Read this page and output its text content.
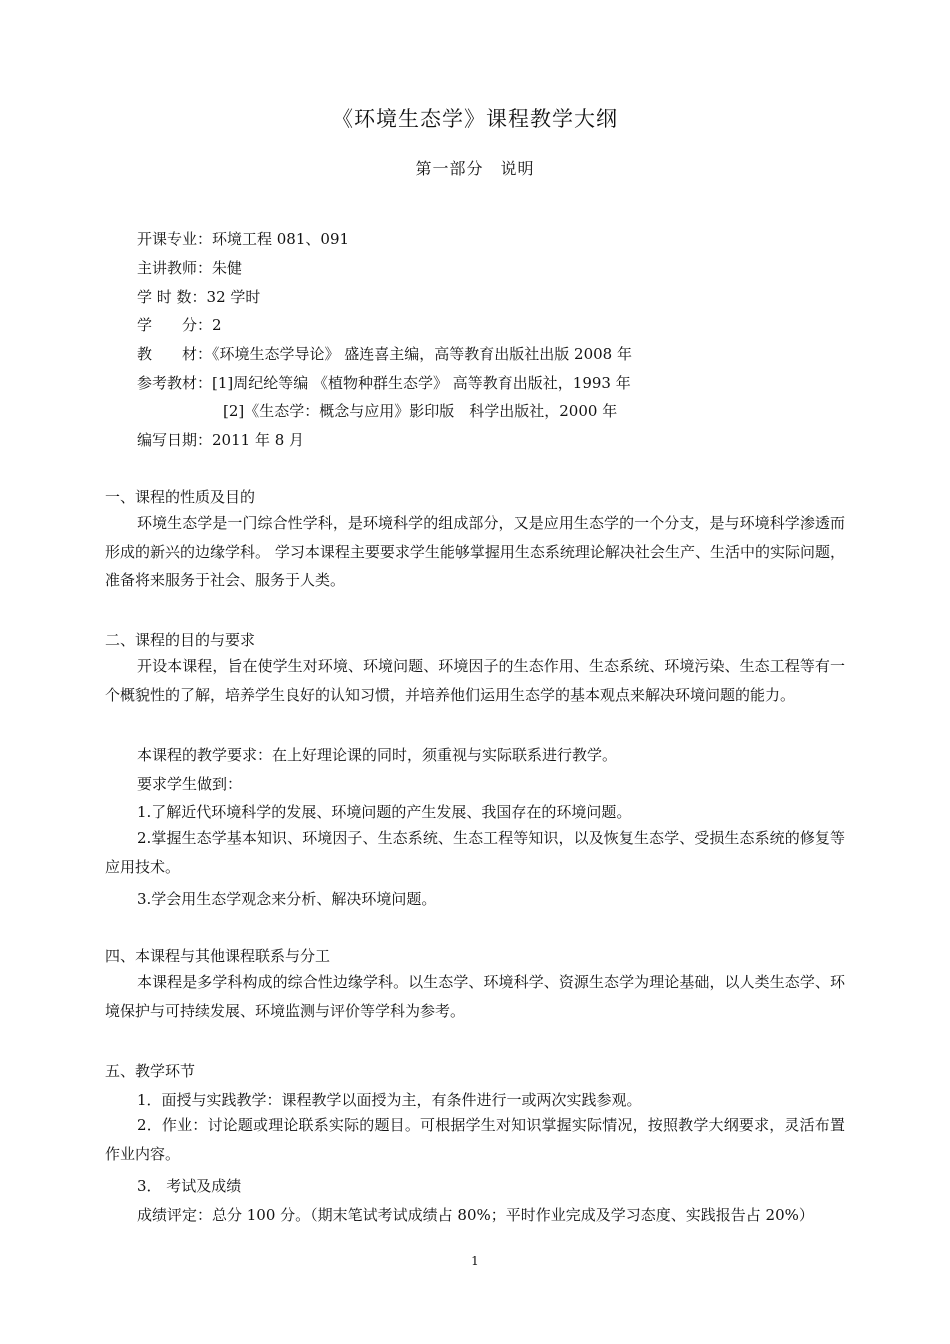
《环境生态学》课程教学大纲
第一部分　说明
开课专业：环境工程 081、091
主讲教师：朱健
学 时 数：32 学时
学　　分：2
教　　材：《环境生态学导论》 盛连喜主编，高等教育出版社出版 2008 年
参考教材：[1]周纪纶等编 《植物种群生态学》 高等教育出版社，1993 年
[2]《生态学：概念与应用》影印版　科学出版社，2000 年
编写日期：2011 年 8 月
一、课程的性质及目的
环境生态学是一门综合性学科，是环境科学的组成部分，又是应用生态学的一个分支，是与环境科学渗透而形成的新兴的边缘学科。 学习本课程主要要求学生能够掌握用生态系统理论解决社会生产、生活中的实际问题，准备将来服务于社会、服务于人类。
二、课程的目的与要求
开设本课程，旨在使学生对环境、环境问题、环境因子的生态作用、生态系统、环境污染、生态工程等有一个概貌性的了解，培养学生良好的认知习惯，并培养他们运用生态学的基本观点来解决环境问题的能力。
本课程的教学要求：在上好理论课的同时，须重视与实际联系进行教学。
要求学生做到：
1.了解近代环境科学的发展、环境问题的产生发展、我国存在的环境问题。
2.掌握生态学基本知识、环境因子、生态系统、生态工程等知识，以及恢复生态学、受损生态系统的修复等应用技术。
3.学会用生态学观念来分析、解决环境问题。
四、本课程与其他课程联系与分工
本课程是多学科构成的综合性边缘学科。以生态学、环境科学、资源生态学为理论基础，以人类生态学、环境保护与可持续发展、环境监测与评价等学科为参考。
五、教学环节
1．面授与实践教学：课程教学以面授为主，有条件进行一或两次实践参观。
2．作业：讨论题或理论联系实际的题目。可根据学生对知识掌握实际情况，按照教学大纲要求，灵活布置作业内容。
3． 考试及成绩
成绩评定：总分 100 分。（期末笔试考试成绩占 80%；平时作业完成及学习态度、实践报告占 20%）
1
